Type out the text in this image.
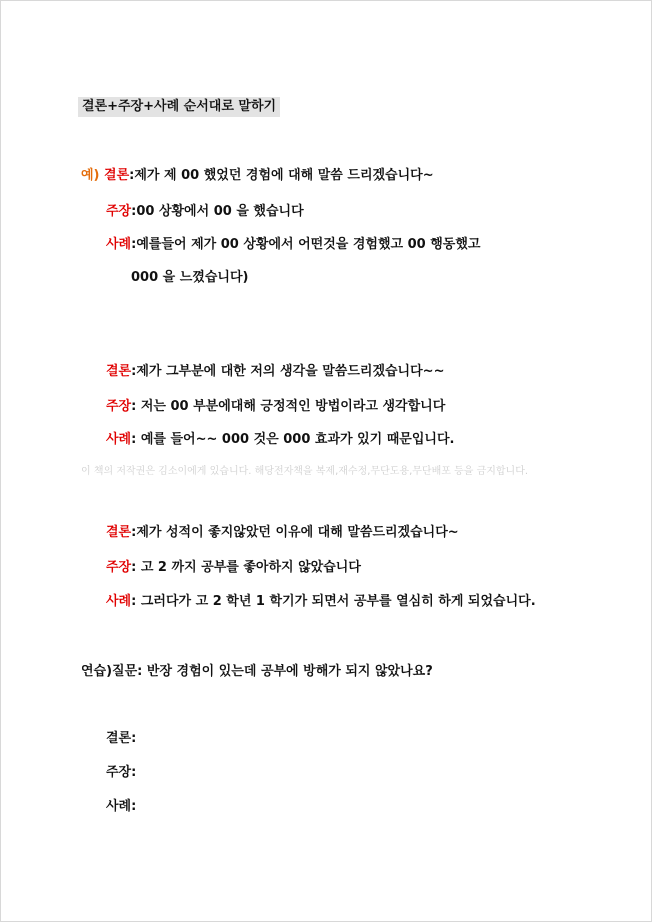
결론+주장+사례 순서대로 말하기
예) 결론:제가 제 00 했었던 경험에 대해 말씀 드리겠습니다~
주장:00 상황에서 00 을 했습니다
사례:예를들어 제가 00 상황에서 어떤것을 경험했고 00 행동했고
000 을 느꼈습니다)
결론:제가 그부분에 대한 저의 생각을 말씀드리겠습니다~~
주장: 저는 00 부분에대해 긍정적인 방법이라고 생각합니다
사례: 예를 들어~~ 000 것은 000 효과가 있기 때문입니다.
이 책의 저작권은 김소이에게 있습니다. 해당전자책을 복제,재수정,무단도용,무단배포 등을 금지합니다.
결론:제가 성적이 좋지않았던 이유에 대해 말씀드리겠습니다~
주장: 고 2 까지 공부를 좋아하지 않았습니다
사례: 그러다가 고 2 학년 1 학기가 되면서 공부를 열심히 하게 되었습니다.
연습)질문: 반장 경험이 있는데 공부에 방해가 되지 않았나요?
결론:
주장:
사례:
